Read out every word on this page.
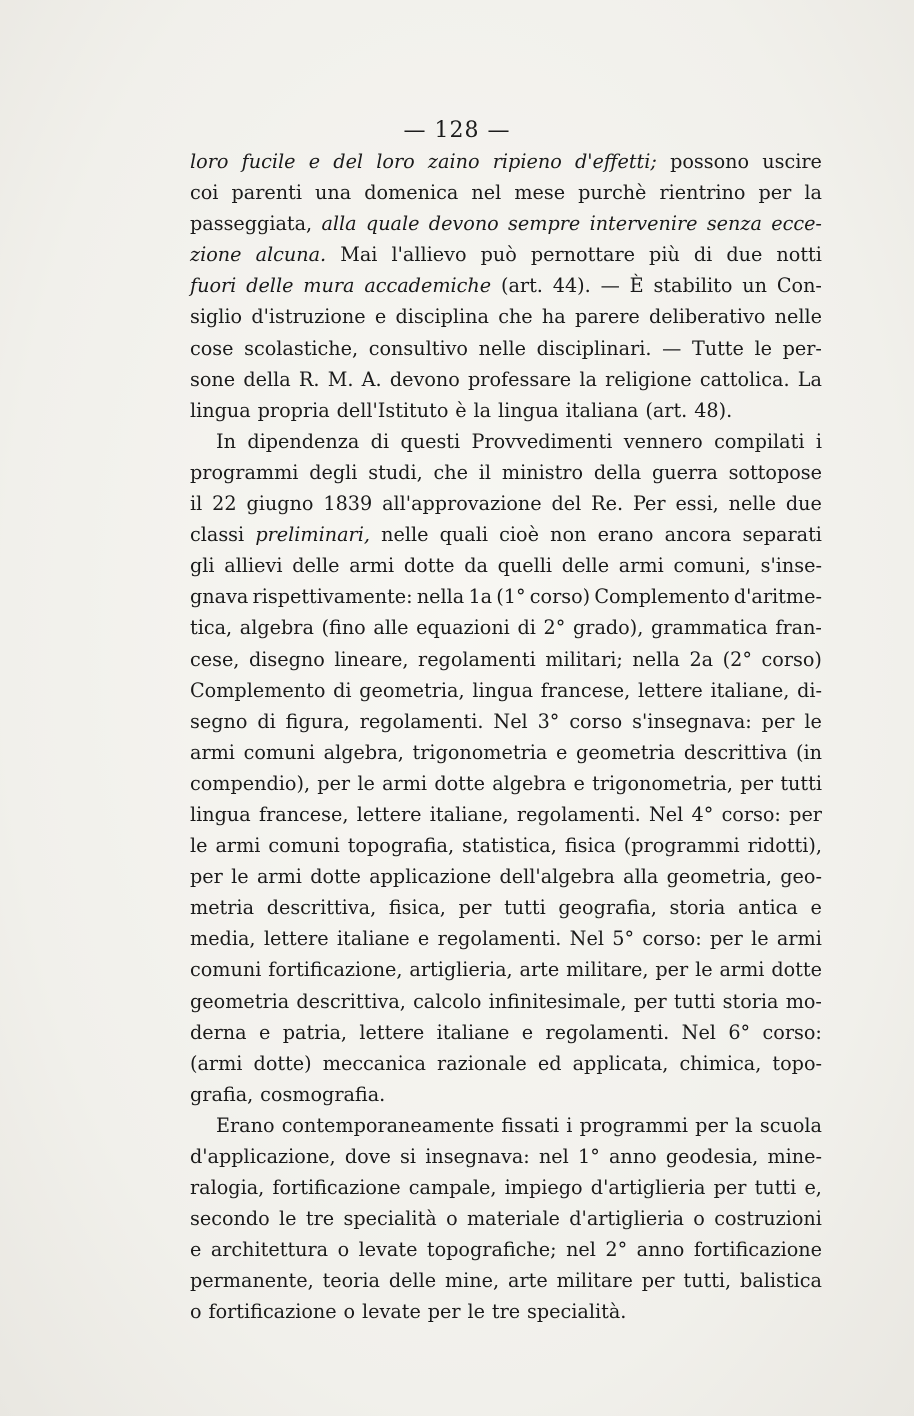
— 128 —
loro fucile e del loro zaino ripieno d'effetti; possono uscire
coi parenti una domenica nel mese purchè rientrino per la
passeggiata, alla quale devono sempre intervenire senza ecce-
zione alcuna. Mai l'allievo può pernottare più di due notti
fuori delle mura accademiche (art. 44). — È stabilito un Con-
siglio d'istruzione e disciplina che ha parere deliberativo nelle
cose scolastiche, consultivo nelle disciplinari. — Tutte le per-
sone della R. M. A. devono professare la religione cattolica. La
lingua propria dell'Istituto è la lingua italiana (art. 48).
In dipendenza di questi Provvedimenti vennero compilati i
programmi degli studi, che il ministro della guerra sottopose
il 22 giugno 1839 all'approvazione del Re. Per essi, nelle due
classi preliminari, nelle quali cioè non erano ancora separati
gli allievi delle armi dotte da quelli delle armi comuni, s'inse-
gnava rispettivamente: nella 1a (1° corso) Complemento d'aritme-
tica, algebra (fino alle equazioni di 2° grado), grammatica fran-
cese, disegno lineare, regolamenti militari; nella 2a (2° corso)
Complemento di geometria, lingua francese, lettere italiane, di-
segno di figura, regolamenti. Nel 3° corso s'insegnava: per le
armi comuni algebra, trigonometria e geometria descrittiva (in
compendio), per le armi dotte algebra e trigonometria, per tutti
lingua francese, lettere italiane, regolamenti. Nel 4° corso: per
le armi comuni topografia, statistica, fisica (programmi ridotti),
per le armi dotte applicazione dell'algebra alla geometria, geo-
metria descrittiva, fisica, per tutti geografia, storia antica e
media, lettere italiane e regolamenti. Nel 5° corso: per le armi
comuni fortificazione, artiglieria, arte militare, per le armi dotte
geometria descrittiva, calcolo infinitesimale, per tutti storia mo-
derna e patria, lettere italiane e regolamenti. Nel 6° corso:
(armi dotte) meccanica razionale ed applicata, chimica, topo-
grafia, cosmografia.
Erano contemporaneamente fissati i programmi per la scuola
d'applicazione, dove si insegnava: nel 1° anno geodesia, mine-
ralogia, fortificazione campale, impiego d'artiglieria per tutti e,
secondo le tre specialità o materiale d'artiglieria o costruzioni
e architettura o levate topografiche; nel 2° anno fortificazione
permanente, teoria delle mine, arte militare per tutti, balistica
o fortificazione o levate per le tre specialità.
